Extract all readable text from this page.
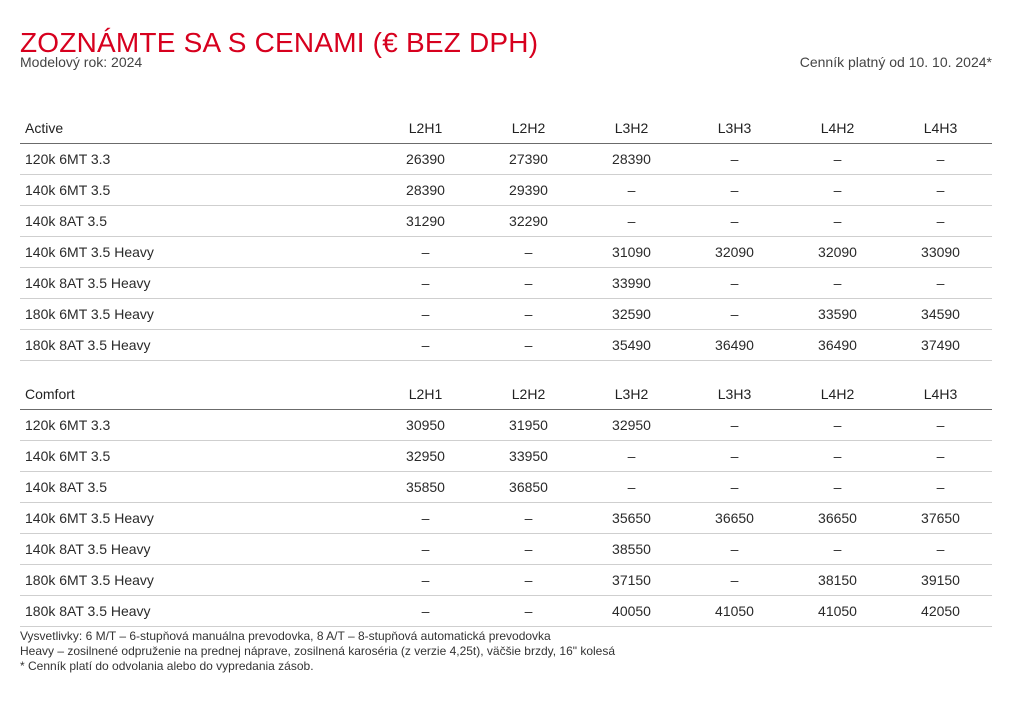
ZOZNÁMTE SA S CENAMI (€ BEZ DPH)
Modelový rok: 2024	Cenník platný od 10. 10. 2024*
Active	L2H1	L2H2	L3H2	L3H3	L4H2	L4H3
120k 6MT 3.3	26390	27390	28390	–	–	–
140k 6MT 3.5	28390	29390	–	–	–	–
140k 8AT 3.5	31290	32290	–	–	–	–
140k 6MT 3.5 Heavy	–	–	31090	32090	32090	33090
140k 8AT 3.5 Heavy	–	–	33990	–	–	–
180k 6MT 3.5 Heavy	–	–	32590	–	33590	34590
180k 8AT 3.5 Heavy	–	–	35490	36490	36490	37490
Comfort	L2H1	L2H2	L3H2	L3H3	L4H2	L4H3
120k 6MT 3.3	30950	31950	32950	–	–	–
140k 6MT 3.5	32950	33950	–	–	–	–
140k 8AT 3.5	35850	36850	–	–	–	–
140k 6MT 3.5 Heavy	–	–	35650	36650	36650	37650
140k 8AT 3.5 Heavy	–	–	38550	–	–	–
180k 6MT 3.5 Heavy	–	–	37150	–	38150	39150
180k 8AT 3.5 Heavy	–	–	40050	41050	41050	42050
Vysvetlivky: 6 M/T – 6-stupňová manuálna prevodovka, 8 A/T – 8-stupňová automatická prevodovka
Heavy – zosilnené odpruženie na prednej náprave, zosilnená karoséria (z verzie 4,25t), väčšie brzdy, 16" kolesá
* Cenník platí do odvolania alebo do vypredania zásob.
